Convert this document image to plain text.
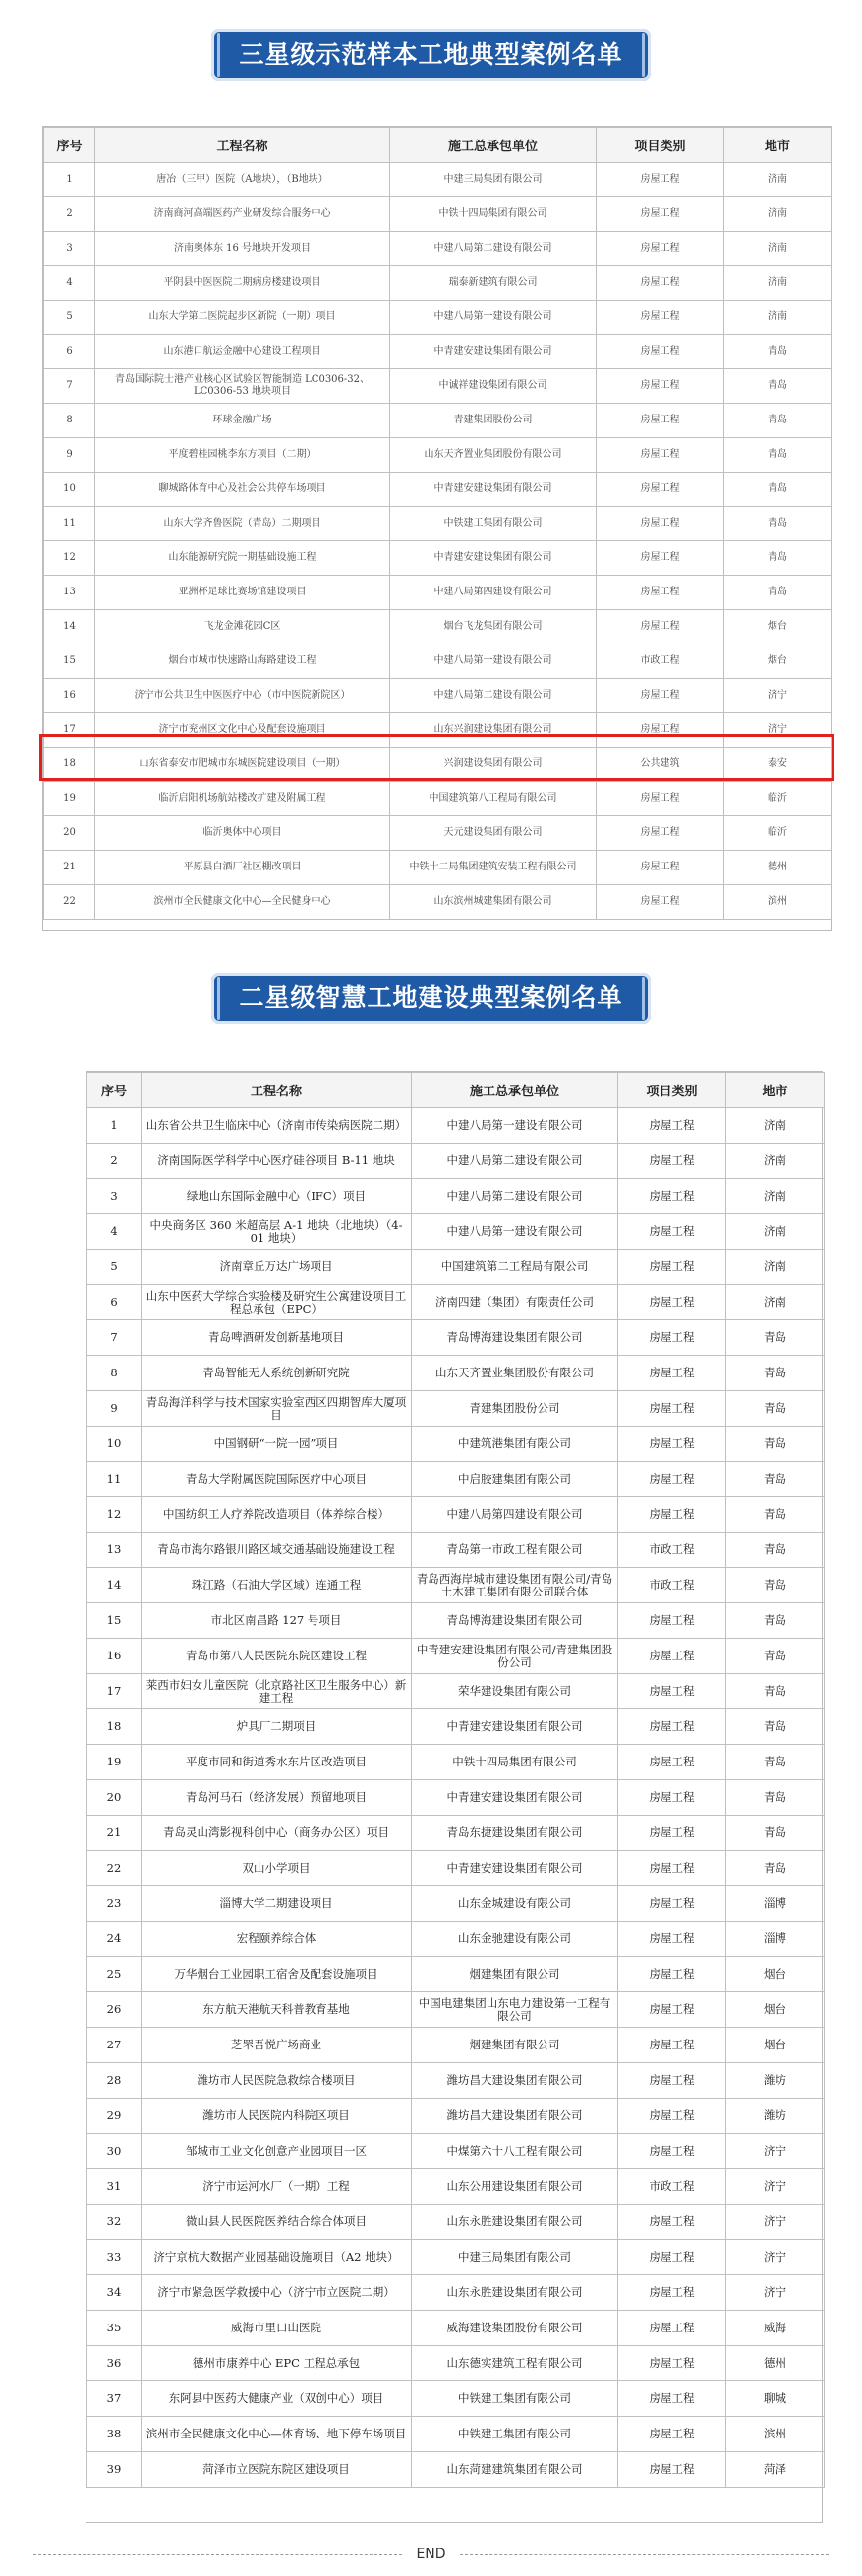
三星级示范样本工地典型案例名单
序号	工程名称	施工总承包单位	项目类别	地市
1	唐冶（三甲）医院（A地块），（B地块）	中建三局集团有限公司	房屋工程	济南
2	济南商河高端医药产业研发综合服务中心	中铁十四局集团有限公司	房屋工程	济南
3	济南奥体东 16 号地块开发项目	中建八局第二建设有限公司	房屋工程	济南
4	平阴县中医医院二期病房楼建设项目	瑞泰新建筑有限公司	房屋工程	济南
5	山东大学第二医院起步区新院（一期）项目	中建八局第一建设有限公司	房屋工程	济南
6	山东港口航运金融中心建设工程项目	中青建安建设集团有限公司	房屋工程	青岛
7	青岛国际院士港产业核心区试验区智能制造 LC0306-32、LC0306-53 地块项目	中诚祥建设集团有限公司	房屋工程	青岛
8	环球金融广场	青建集团股份公司	房屋工程	青岛
9	平度碧桂园桃李东方项目（二期）	山东天齐置业集团股份有限公司	房屋工程	青岛
10	聊城路体育中心及社会公共停车场项目	中青建安建设集团有限公司	房屋工程	青岛
11	山东大学齐鲁医院（青岛）二期项目	中铁建工集团有限公司	房屋工程	青岛
12	山东能源研究院一期基础设施工程	中青建安建设集团有限公司	房屋工程	青岛
13	亚洲杯足球比赛场馆建设项目	中建八局第四建设有限公司	房屋工程	青岛
14	飞龙金滩花园C区	烟台飞龙集团有限公司	房屋工程	烟台
15	烟台市城市快速路山海路建设工程	中建八局第一建设有限公司	市政工程	烟台
16	济宁市公共卫生中医医疗中心（市中医院新院区）	中建八局第二建设有限公司	房屋工程	济宁
17	济宁市兖州区文化中心及配套设施项目	山东兴润建设集团有限公司	房屋工程	济宁
18	山东省泰安市肥城市东城医院建设项目（一期）	兴润建设集团有限公司	公共建筑	泰安
19	临沂启阳机场航站楼改扩建及附属工程	中国建筑第八工程局有限公司	房屋工程	临沂
20	临沂奥体中心项目	天元建设集团有限公司	房屋工程	临沂
21	平原县白酒厂社区棚改项目	中铁十二局集团建筑安装工程有限公司	房屋工程	德州
22	滨州市全民健康文化中心—全民健身中心	山东滨州城建集团有限公司	房屋工程	滨州
二星级智慧工地建设典型案例名单
序号	工程名称	施工总承包单位	项目类别	地市
1	山东省公共卫生临床中心（济南市传染病医院二期）	中建八局第一建设有限公司	房屋工程	济南
2	济南国际医学科学中心医疗硅谷项目 B-11 地块	中建八局第二建设有限公司	房屋工程	济南
3	绿地山东国际金融中心（IFC）项目	中建八局第二建设有限公司	房屋工程	济南
4	中央商务区 360 米超高层 A-1 地块（北地块）（4-01 地块）	中建八局第一建设有限公司	房屋工程	济南
5	济南章丘万达广场项目	中国建筑第二工程局有限公司	房屋工程	济南
6	山东中医药大学综合实验楼及研究生公寓建设项目工程总承包（EPC）	济南四建（集团）有限责任公司	房屋工程	济南
7	青岛啤酒研发创新基地项目	青岛博海建设集团有限公司	房屋工程	青岛
8	青岛智能无人系统创新研究院	山东天齐置业集团股份有限公司	房屋工程	青岛
9	青岛海洋科学与技术国家实验室西区四期智库大厦项目	青建集团股份公司	房屋工程	青岛
10	中国钢研“一院一园”项目	中建筑港集团有限公司	房屋工程	青岛
11	青岛大学附属医院国际医疗中心项目	中启胶建集团有限公司	房屋工程	青岛
12	中国纺织工人疗养院改造项目（体养综合楼）	中建八局第四建设有限公司	房屋工程	青岛
13	青岛市海尔路银川路区域交通基础设施建设工程	青岛第一市政工程有限公司	市政工程	青岛
14	珠江路（石油大学区域）连通工程	青岛西海岸城市建设集团有限公司/青岛土木建工集团有限公司联合体	市政工程	青岛
15	市北区南昌路 127 号项目	青岛博海建设集团有限公司	房屋工程	青岛
16	青岛市第八人民医院东院区建设工程	中青建安建设集团有限公司/青建集团股份公司	房屋工程	青岛
17	莱西市妇女儿童医院（北京路社区卫生服务中心）新建工程	荣华建设集团有限公司	房屋工程	青岛
18	炉具厂二期项目	中青建安建设集团有限公司	房屋工程	青岛
19	平度市同和街道秀水东片区改造项目	中铁十四局集团有限公司	房屋工程	青岛
20	青岛河马石（经济发展）预留地项目	中青建安建设集团有限公司	房屋工程	青岛
21	青岛灵山湾影视科创中心（商务办公区）项目	青岛东捷建设集团有限公司	房屋工程	青岛
22	双山小学项目	中青建安建设集团有限公司	房屋工程	青岛
23	淄博大学二期建设项目	山东金城建设有限公司	房屋工程	淄博
24	宏程颐养综合体	山东金驰建设有限公司	房屋工程	淄博
25	万华烟台工业园职工宿舍及配套设施项目	烟建集团有限公司	房屋工程	烟台
26	东方航天港航天科普教育基地	中国电建集团山东电力建设第一工程有限公司	房屋工程	烟台
27	芝罘吾悦广场商业	烟建集团有限公司	房屋工程	烟台
28	潍坊市人民医院急救综合楼项目	潍坊昌大建设集团有限公司	房屋工程	潍坊
29	潍坊市人民医院内科院区项目	潍坊昌大建设集团有限公司	房屋工程	潍坊
30	邹城市工业文化创意产业园项目一区	中煤第六十八工程有限公司	房屋工程	济宁
31	济宁市运河水厂（一期）工程	山东公用建设集团有限公司	市政工程	济宁
32	微山县人民医院医养结合综合体项目	山东永胜建设集团有限公司	房屋工程	济宁
33	济宁京杭大数据产业园基础设施项目（A2 地块）	中建三局集团有限公司	房屋工程	济宁
34	济宁市紧急医学救援中心（济宁市立医院二期）	山东永胜建设集团有限公司	房屋工程	济宁
35	威海市里口山医院	威海建设集团股份有限公司	房屋工程	威海
36	德州市康养中心 EPC 工程总承包	山东德实建筑工程有限公司	房屋工程	德州
37	东阿县中医药大健康产业（双创中心）项目	中铁建工集团有限公司	房屋工程	聊城
38	滨州市全民健康文化中心—体育场、地下停车场项目	中铁建工集团有限公司	房屋工程	滨州
39	菏泽市立医院东院区建设项目	山东菏建建筑集团有限公司	房屋工程	菏泽
END
